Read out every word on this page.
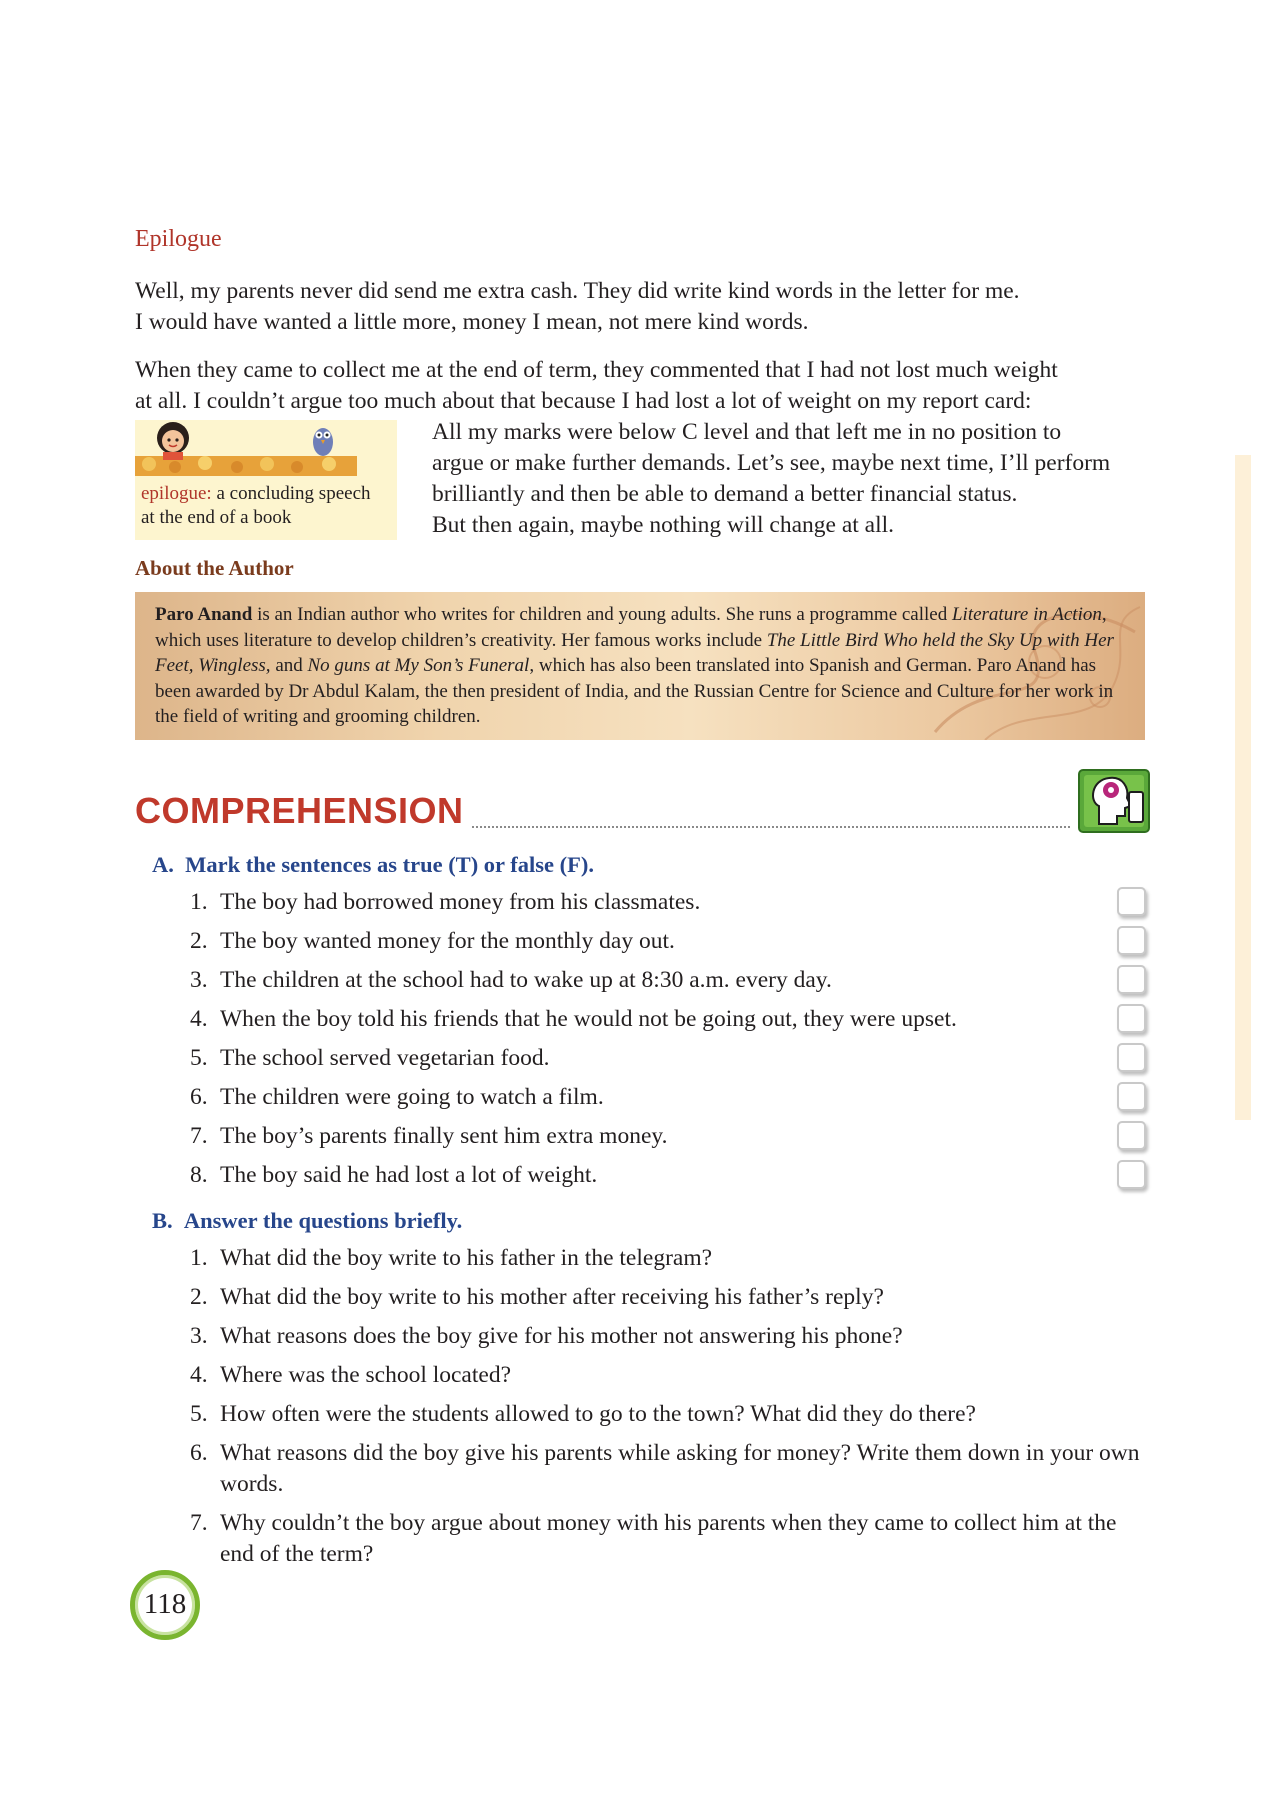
Epilogue
Well, my parents never did send me extra cash. They did write kind words in the letter for me.
I would have wanted a little more, money I mean, not mere kind words.
When they came to collect me at the end of term, they commented that I had not lost much weight
at all. I couldn’t argue too much about that because I had lost a lot of weight on my report card:
epilogue: a concluding speech
at the end of a book
All my marks were below C level and that left me in no position to
argue or make further demands. Let’s see, maybe next time, I’ll perform
brilliantly and then be able to demand a better financial status.
But then again, maybe nothing will change at all.
About the Author
Paro Anand is an Indian author who writes for children and young adults. She runs a programme called Literature in Action, which uses literature to develop children’s creativity. Her famous works include The Little Bird Who held the Sky Up with Her Feet, Wingless, and No guns at My Son’s Funeral, which has also been translated into Spanish and German. Paro Anand has been awarded by Dr Abdul Kalam, the then president of India, and the Russian Centre for Science and Culture for her work in the field of writing and grooming children.
COMPREHENSION
A. Mark the sentences as true (T) or false (F).
1. The boy had borrowed money from his classmates.
2. The boy wanted money for the monthly day out.
3. The children at the school had to wake up at 8:30 a.m. every day.
4. When the boy told his friends that he would not be going out, they were upset.
5. The school served vegetarian food.
6. The children were going to watch a film.
7. The boy’s parents finally sent him extra money.
8. The boy said he had lost a lot of weight.
B. Answer the questions briefly.
1. What did the boy write to his father in the telegram?
2. What did the boy write to his mother after receiving his father’s reply?
3. What reasons does the boy give for his mother not answering his phone?
4. Where was the school located?
5. How often were the students allowed to go to the town? What did they do there?
6. What reasons did the boy give his parents while asking for money? Write them down in your own words.
7. Why couldn’t the boy argue about money with his parents when they came to collect him at the end of the term?
118
